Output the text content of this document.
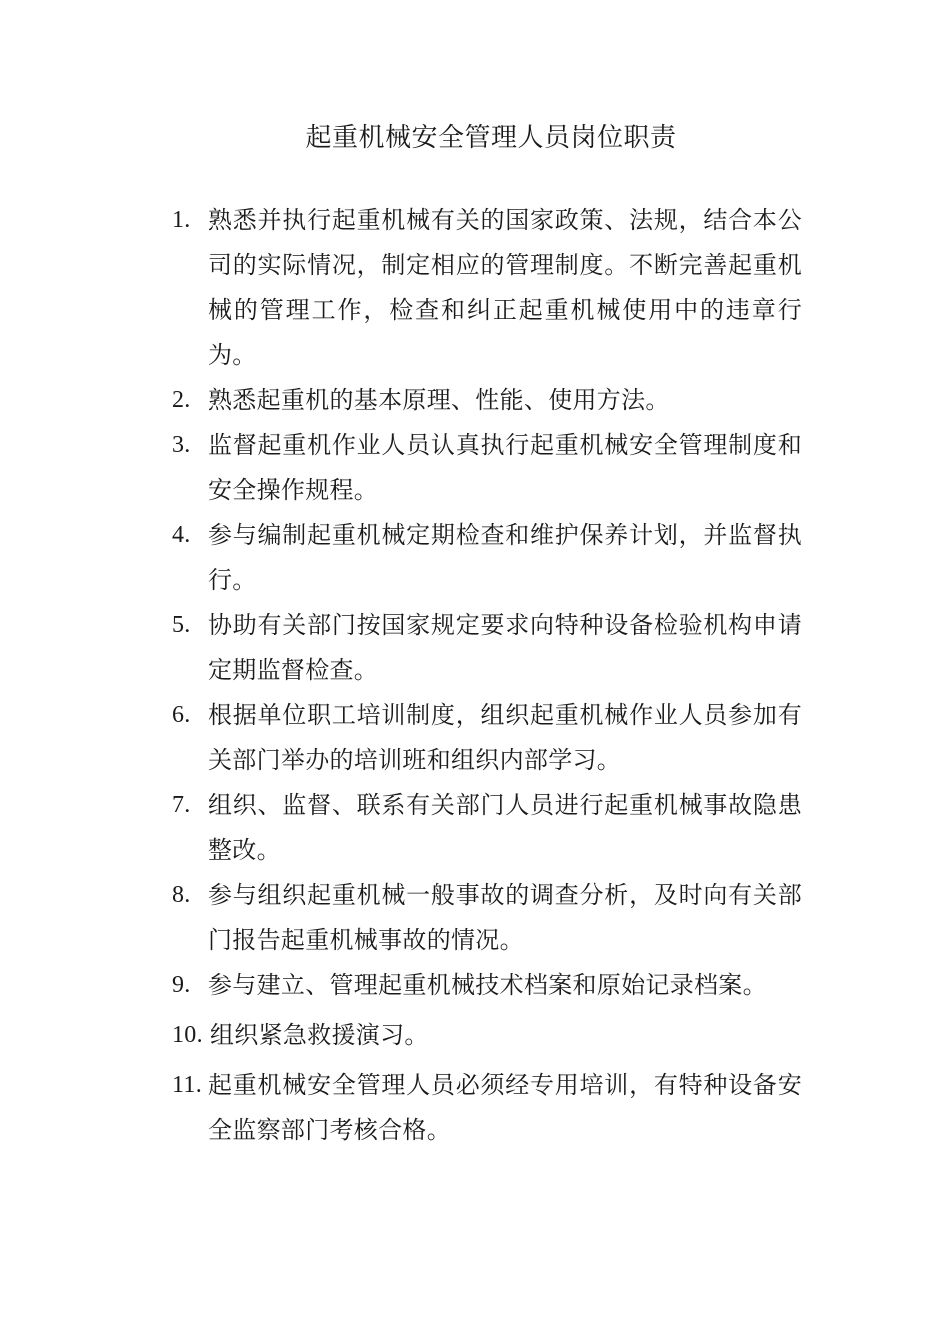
起重机械安全管理人员岗位职责
1. 熟悉并执行起重机械有关的国家政策、法规，结合本公司的实际情况，制定相应的管理制度。不断完善起重机械的管理工作，检查和纠正起重机械使用中的违章行为。
2. 熟悉起重机的基本原理、性能、使用方法。
3. 监督起重机作业人员认真执行起重机械安全管理制度和安全操作规程。
4. 参与编制起重机械定期检查和维护保养计划，并监督执行。
5. 协助有关部门按国家规定要求向特种设备检验机构申请定期监督检查。
6. 根据单位职工培训制度，组织起重机械作业人员参加有关部门举办的培训班和组织内部学习。
7. 组织、监督、联系有关部门人员进行起重机械事故隐患整改。
8. 参与组织起重机械一般事故的调查分析，及时向有关部门报告起重机械事故的情况。
9. 参与建立、管理起重机械技术档案和原始记录档案。
10. 组织紧急救援演习。
11. 起重机械安全管理人员必须经专用培训，有特种设备安全监察部门考核合格。
